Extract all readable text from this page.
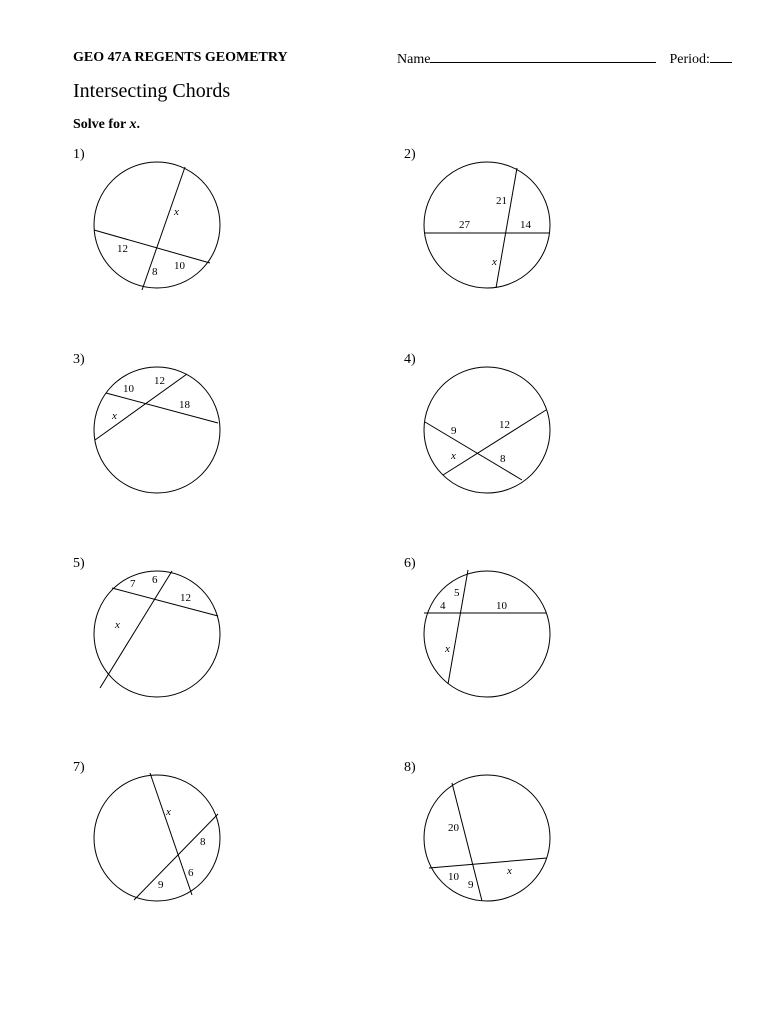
GEO 47A REGENTS GEOMETRY	Name	Period:
Intersecting Chords
Solve for x.
1)
x
12
8 10
2)
21
27	14
x
3)
10
12
18
x
4)
9	12
x	8
5)
7 6
12
x
6)
5
4	10
x
7)
x
8
6
9
8)
20
10
9
x
